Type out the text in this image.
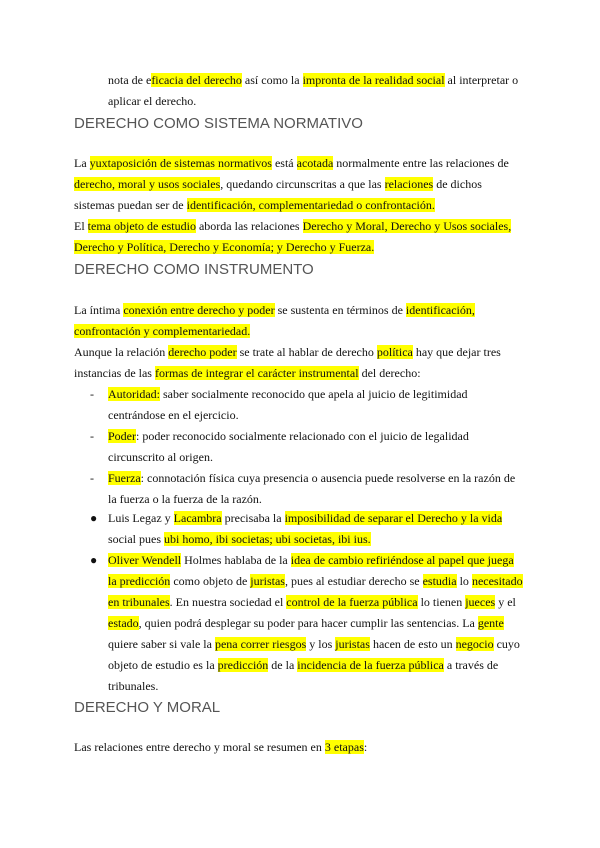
nota de eficacia del derecho así como la impronta de la realidad social al interpretar o
aplicar el derecho.
DERECHO COMO SISTEMA NORMATIVO
La yuxtaposición de sistemas normativos está acotada normalmente entre las relaciones de
derecho, moral y usos sociales, quedando circunscritas a que las relaciones de dichos
sistemas puedan ser de identificación, complementariedad o confrontación.
El tema objeto de estudio aborda las relaciones Derecho y Moral, Derecho y Usos sociales,
Derecho y Política, Derecho y Economía; y Derecho y Fuerza.
DERECHO COMO INSTRUMENTO
La íntima conexión entre derecho y poder se sustenta en términos de identificación,
confrontación y complementariedad.
Aunque la relación derecho poder se trate al hablar de derecho política hay que dejar tres
instancias de las formas de integrar el carácter instrumental del derecho:
- Autoridad: saber socialmente reconocido que apela al juicio de legitimidad
centrándose en el ejercicio.
- Poder: poder reconocido socialmente relacionado con el juicio de legalidad
circunscrito al origen.
- Fuerza: connotación física cuya presencia o ausencia puede resolverse en la razón de
la fuerza o la fuerza de la razón.
● Luis Legaz y Lacambra precisaba la imposibilidad de separar el Derecho y la vida
social pues ubi homo, ibi societas; ubi societas, ibi ius.
● Oliver Wendell Holmes hablaba de la idea de cambio refiriéndose al papel que juega
la predicción como objeto de juristas, pues al estudiar derecho se estudia lo necesitado
en tribunales. En nuestra sociedad el control de la fuerza pública lo tienen jueces y el
estado, quien podrá desplegar su poder para hacer cumplir las sentencias. La gente
quiere saber si vale la pena correr riesgos y los juristas hacen de esto un negocio cuyo
objeto de estudio es la predicción de la incidencia de la fuerza pública a través de
tribunales.
DERECHO Y MORAL
Las relaciones entre derecho y moral se resumen en 3 etapas:
